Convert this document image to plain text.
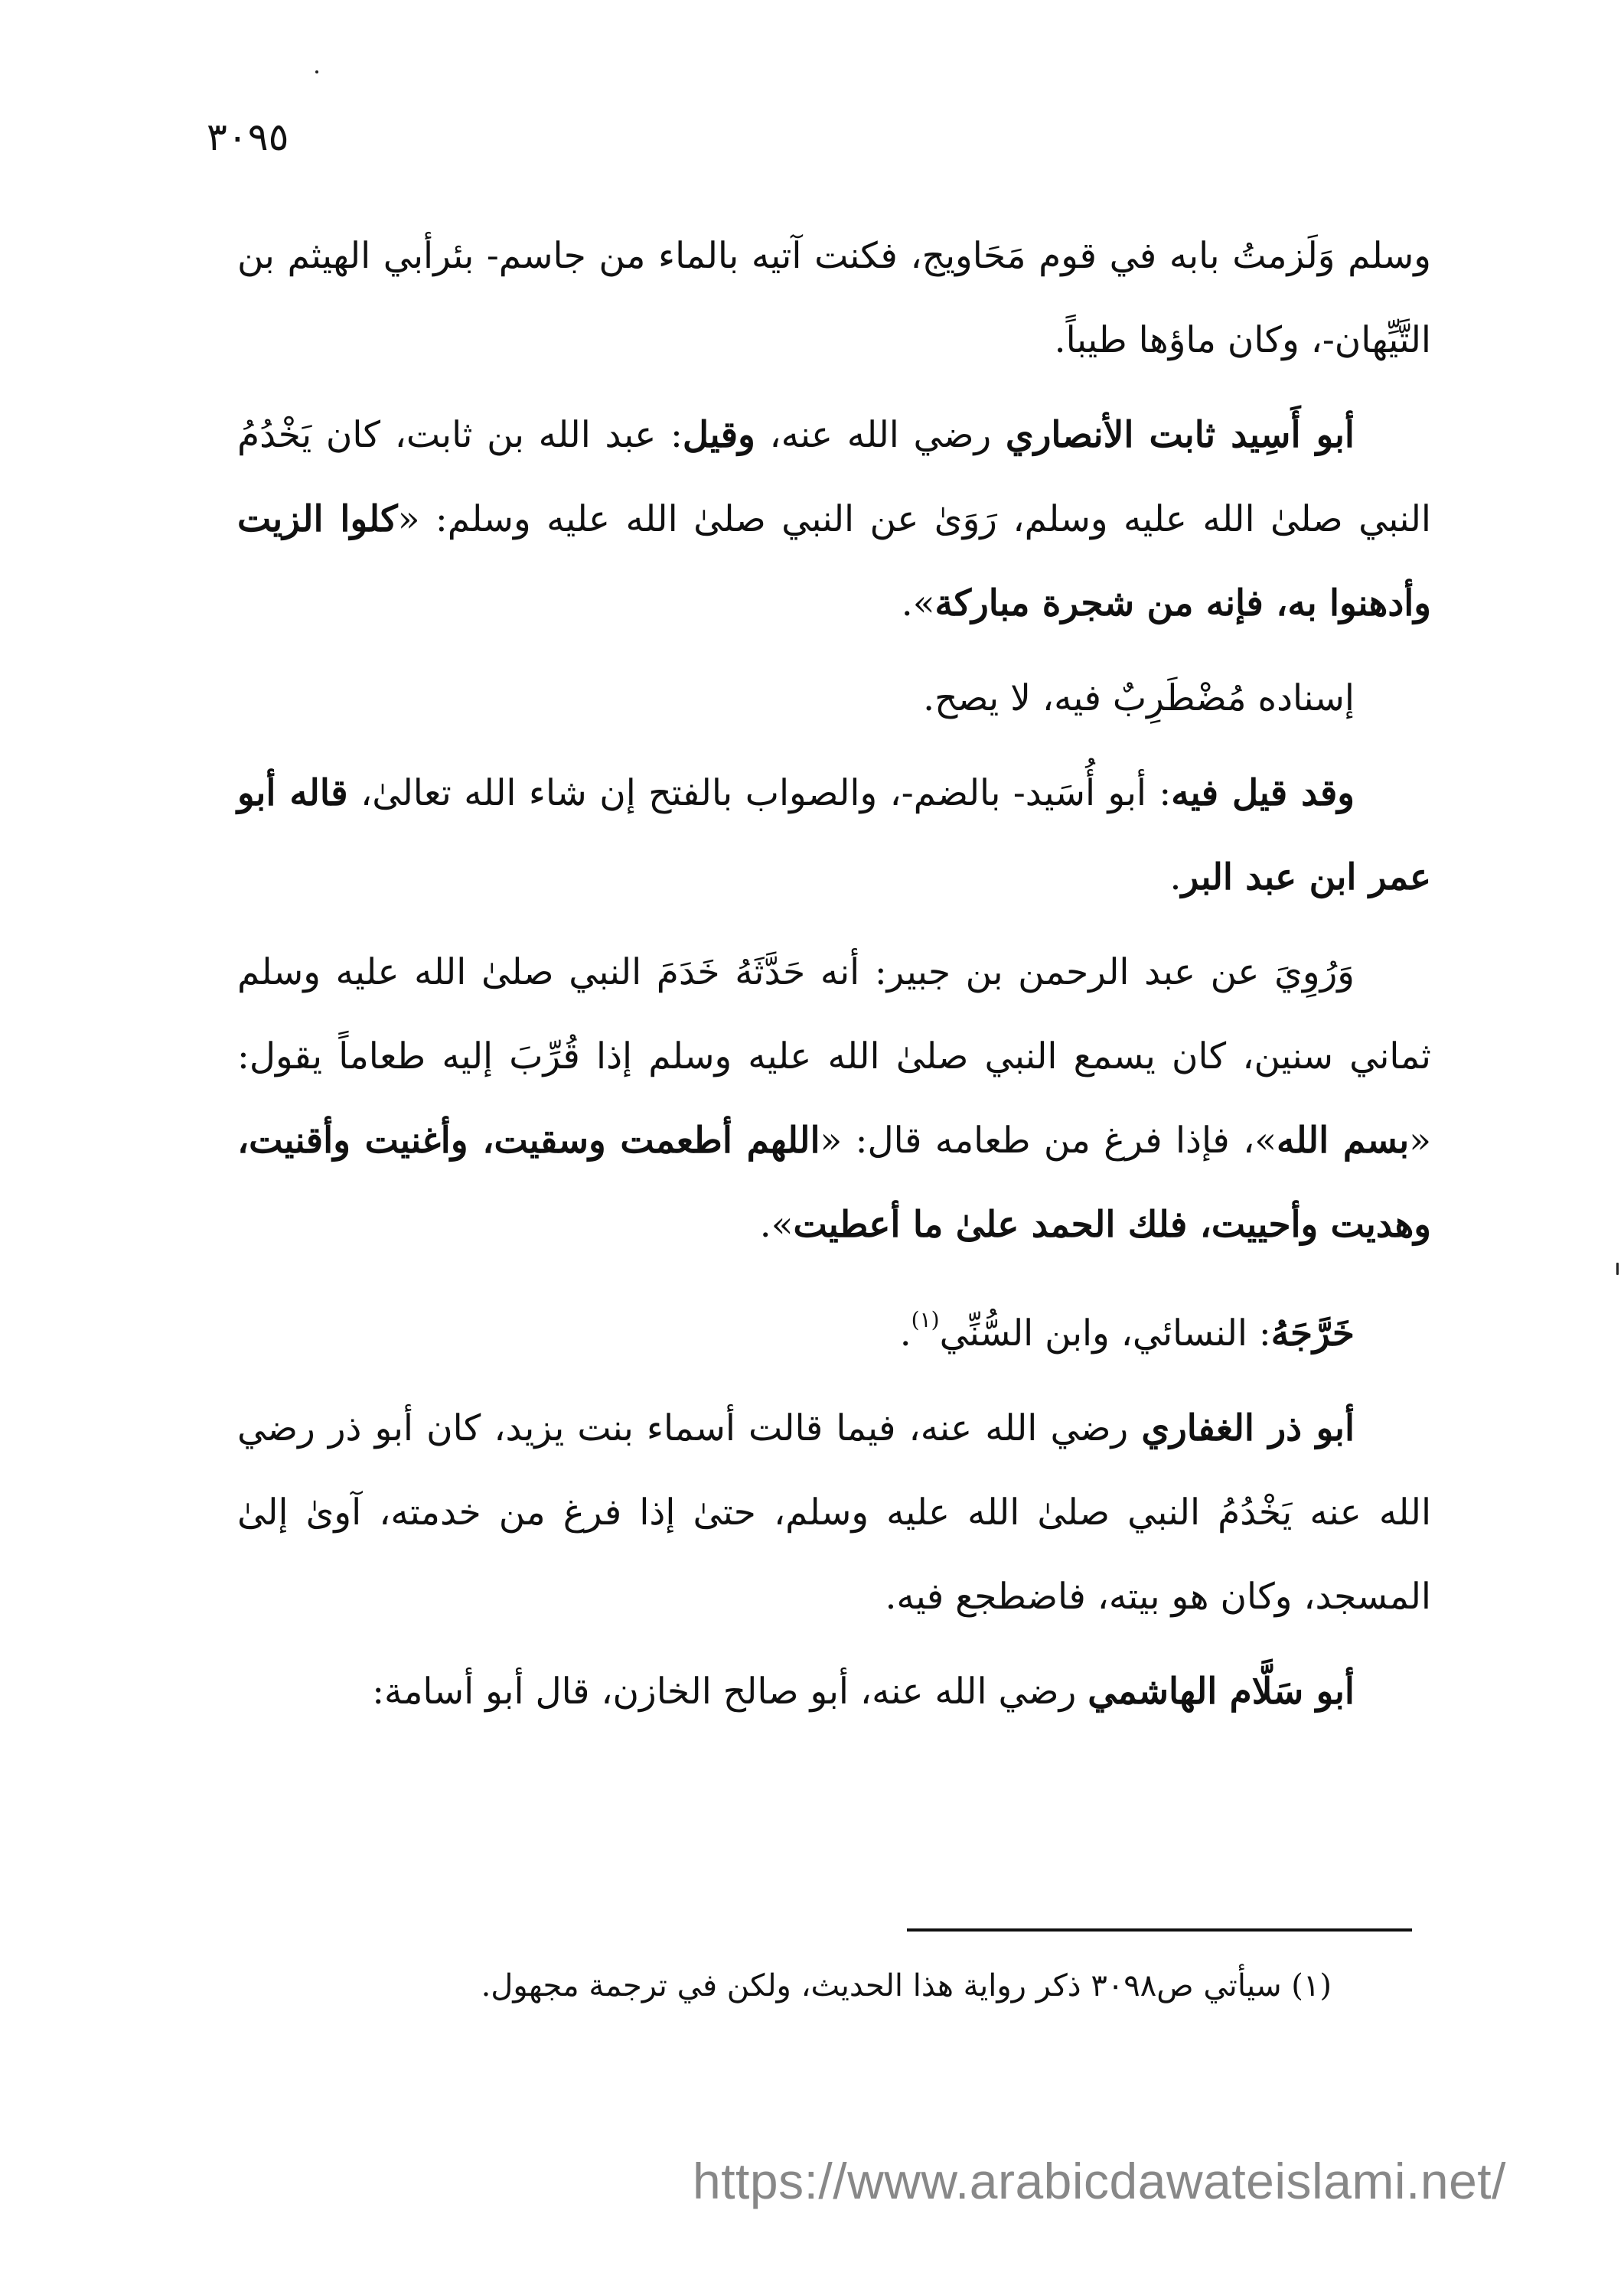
٣٠٩٥

وسلم وَلَزمتُ بابه في قوم مَحَاويج، فكنت آتيه بالماء من جاسم- بئرأبي الهيثم بن التَّيِّهان-، وكان ماؤها طيباً.

أبو أَسِيد ثابت الأنصاري رضي الله عنه، وقيل: عبد الله بن ثابت، كان يَخْدُمُ النبي صلىٰ الله عليه وسلم، رَوَىٰ عن النبي صلىٰ الله عليه وسلم: «كلوا الزيت وأدهنوا به، فإنه من شجرة مباركة».

إسناده مُضْطَرِبٌ فيه، لا يصح.

وقد قيل فيه: أبو أُسَيد- بالضم-، والصواب بالفتح إن شاء الله تعالىٰ، قاله أبو عمر ابن عبد البر.

وَرُوِيَ عن عبد الرحمن بن جبير: أنه حَدَّثَهُ خَدَمَ النبي صلىٰ الله عليه وسلم ثماني سنين، كان يسمع النبي صلىٰ الله عليه وسلم إذا قُرِّبَ إليه طعاماً يقول: «بسم الله»، فإذا فرغ من طعامه قال: «اللهم أطعمت وسقيت، وأغنيت وأقنيت، وهديت وأحييت، فلك الحمد علىٰ ما أعطيت».

خَرَّجَهُ: النسائي، وابن السُّنِّي$^{(١)}$.

أبو ذر الغفاري رضي الله عنه، فيما قالت أسماء بنت يزيد، كان أبو ذر رضي الله عنه يَخْدُمُ النبي صلىٰ الله عليه وسلم، حتىٰ إذا فرغ من خدمته، آوىٰ إلىٰ المسجد، وكان هو بيته، فاضطجع فيه.

أبو سَلَّام الهاشمي رضي الله عنه، أبو صالح الخازن، قال أبو أسامة:

(١) سيأتي ص٣٠٩٨ ذكر رواية هذا الحديث، ولكن في ترجمة مجهول.
https://www.arabicdawateislami.net/
